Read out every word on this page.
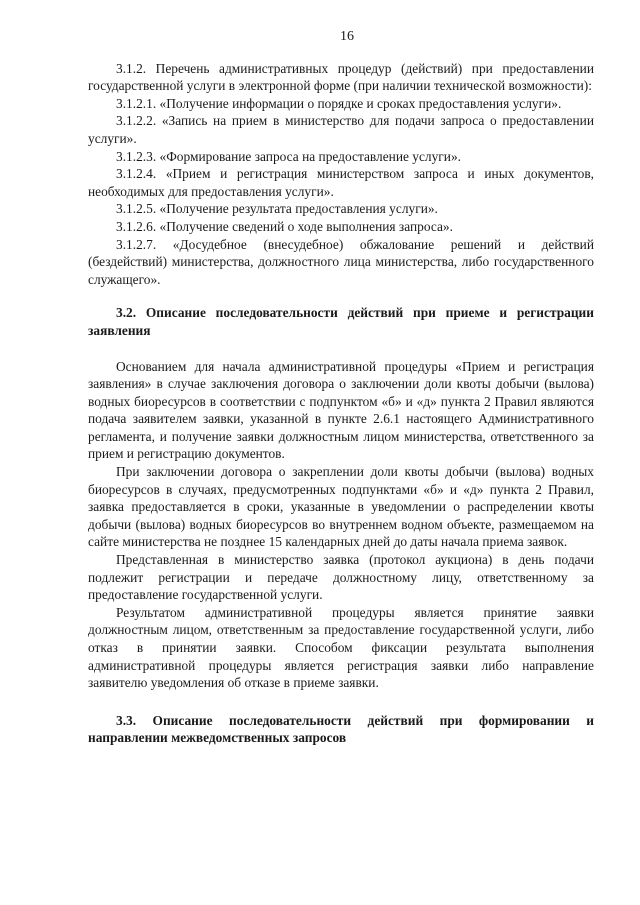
16

3.1.2. Перечень административных процедур (действий) при предоставлении государственной услуги в электронной форме (при наличии технической возможности):

3.1.2.1. «Получение информации о порядке и сроках предоставления услуги».

3.1.2.2. «Запись на прием в министерство для подачи запроса о предоставлении услуги».

3.1.2.3. «Формирование запроса на предоставление услуги».

3.1.2.4. «Прием и регистрация министерством запроса и иных документов, необходимых для предоставления услуги».

3.1.2.5. «Получение результата предоставления услуги».

3.1.2.6. «Получение сведений о ходе выполнения запроса».

3.1.2.7. «Досудебное (внесудебное) обжалование решений и действий (бездействий) министерства, должностного лица министерства, либо государственного служащего».

3.2. Описание последовательности действий при приеме и регистрации заявления

Основанием для начала административной процедуры «Прием и регистрация заявления» в случае заключения договора о заключении доли квоты добычи (вылова) водных биоресурсов в соответствии с подпунктом «б» и «д» пункта 2 Правил являются подача заявителем заявки, указанной в пункте 2.6.1 настоящего Административного регламента, и получение заявки должностным лицом министерства, ответственного за прием и регистрацию документов.

При заключении договора о закреплении доли квоты добычи (вылова) водных биоресурсов в случаях, предусмотренных подпунктами «б» и «д» пункта 2 Правил, заявка предоставляется в сроки, указанные в уведомлении о распределении квоты добычи (вылова) водных биоресурсов во внутреннем водном объекте, размещаемом на сайте министерства не позднее 15 календарных дней до даты начала приема заявок.

Представленная в министерство заявка (протокол аукциона) в день подачи подлежит регистрации и передаче должностному лицу, ответственному за предоставление государственной услуги.

Результатом административной процедуры является принятие заявки должностным лицом, ответственным за предоставление государственной услуги, либо отказ в принятии заявки. Способом фиксации результата выполнения административной процедуры является регистрация заявки либо направление заявителю уведомления об отказе в приеме заявки.

3.3. Описание последовательности действий при формировании и направлении межведомственных запросов
